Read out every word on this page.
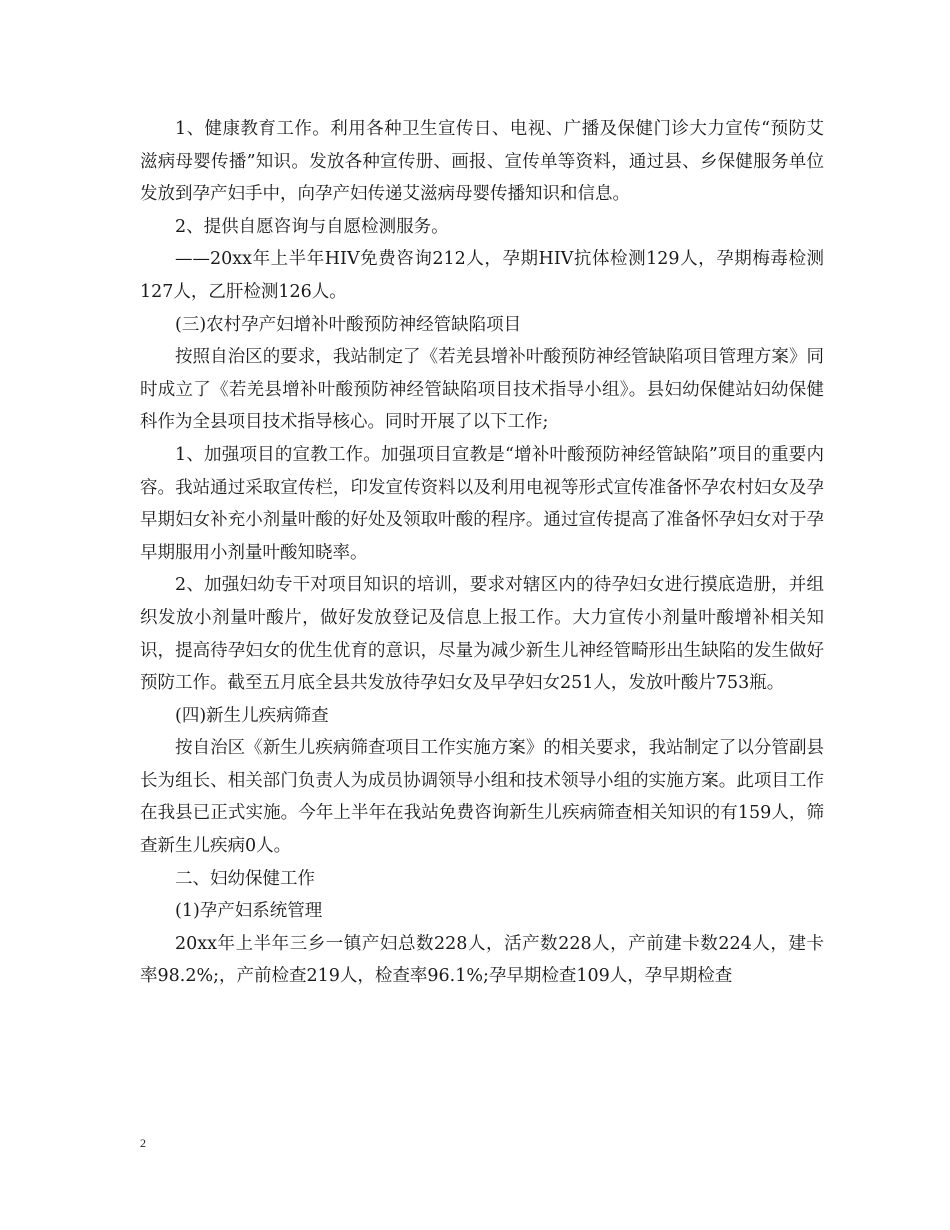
1、健康教育工作。利用各种卫生宣传日、电视、广播及保健门诊大力宣传“预防艾滋病母婴传播”知识。发放各种宣传册、画报、宣传单等资料，通过县、乡保健服务单位发放到孕产妇手中，向孕产妇传递艾滋病母婴传播知识和信息。

2、提供自愿咨询与自愿检测服务。

——20xx年上半年HIV免费咨询212人，孕期HIV抗体检测129人，孕期梅毒检测127人，乙肝检测126人。

(三)农村孕产妇增补叶酸预防神经管缺陷项目

按照自治区的要求，我站制定了《若羌县增补叶酸预防神经管缺陷项目管理方案》同时成立了《若羌县增补叶酸预防神经管缺陷项目技术指导小组》。县妇幼保健站妇幼保健科作为全县项目技术指导核心。同时开展了以下工作;

1、加强项目的宣教工作。加强项目宣教是“增补叶酸预防神经管缺陷”项目的重要内容。我站通过采取宣传栏，印发宣传资料以及利用电视等形式宣传准备怀孕农村妇女及孕早期妇女补充小剂量叶酸的好处及领取叶酸的程序。通过宣传提高了准备怀孕妇女对于孕早期服用小剂量叶酸知晓率。

2、加强妇幼专干对项目知识的培训，要求对辖区内的待孕妇女进行摸底造册，并组织发放小剂量叶酸片，做好发放登记及信息上报工作。大力宣传小剂量叶酸增补相关知识，提高待孕妇女的优生优育的意识，尽量为减少新生儿神经管畸形出生缺陷的发生做好预防工作。截至五月底全县共发放待孕妇女及早孕妇女251人，发放叶酸片753瓶。

(四)新生儿疾病筛查

按自治区《新生儿疾病筛查项目工作实施方案》的相关要求，我站制定了以分管副县长为组长、相关部门负责人为成员协调领导小组和技术领导小组的实施方案。此项目工作在我县已正式实施。今年上半年在我站免费咨询新生儿疾病筛查相关知识的有159人，筛查新生儿疾病0人。

二、妇幼保健工作

(1)孕产妇系统管理

20xx年上半年三乡一镇产妇总数228人，活产数228人，产前建卡数224人，建卡率98.2%;，产前检查219人，检查率96.1%;孕早期检查109人，孕早期检查

2
